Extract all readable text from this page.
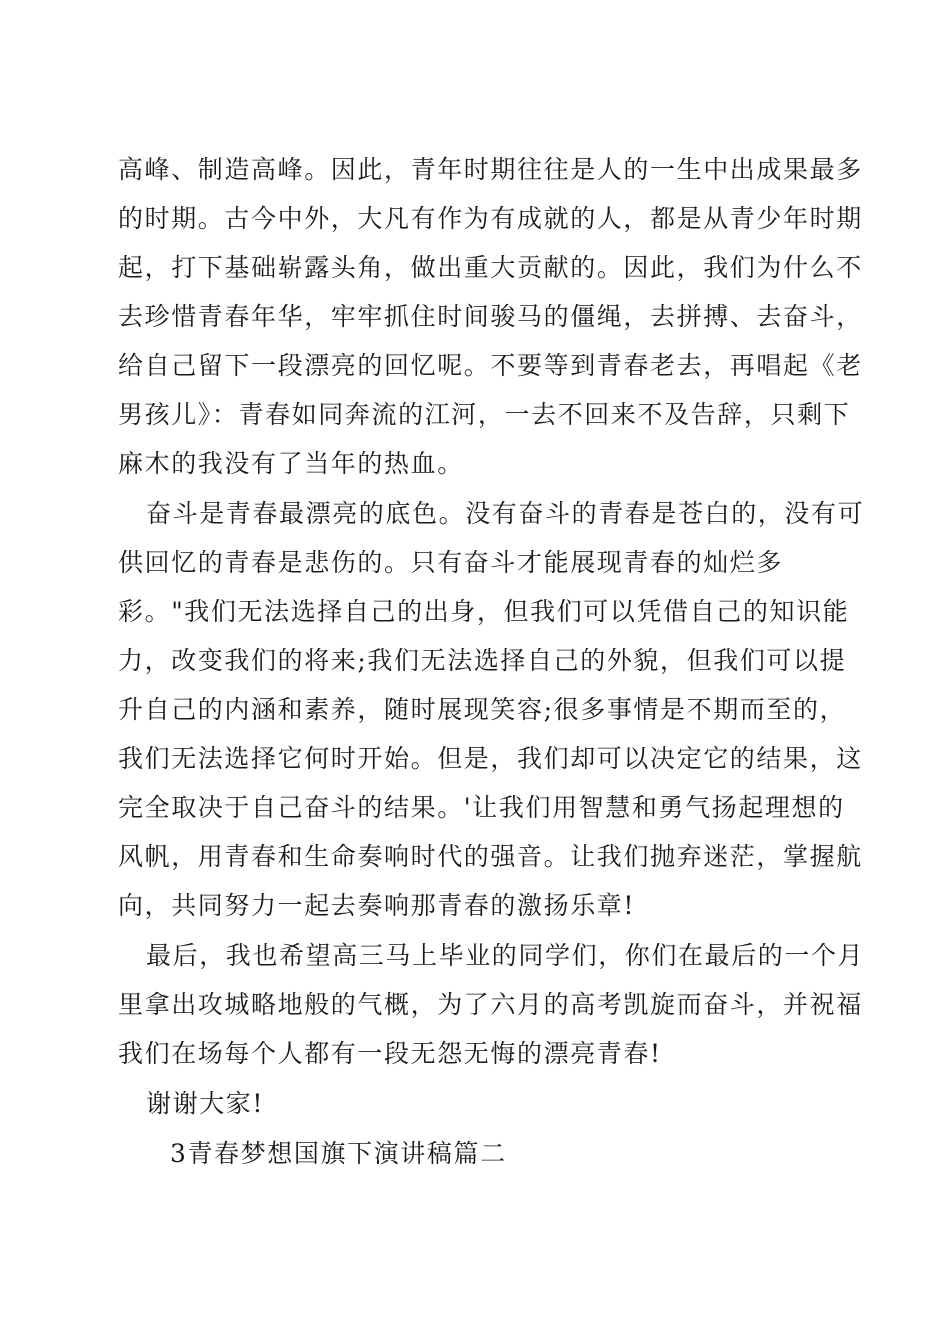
高峰、制造高峰。因此，青年时期往往是人的一生中出成果最多
的时期。古今中外，大凡有作为有成就的人，都是从青少年时期
起，打下基础崭露头角，做出重大贡献的。因此，我们为什么不
去珍惜青春年华，牢牢抓住时间骏马的僵绳，去拼搏、去奋斗，
给自己留下一段漂亮的回忆呢。不要等到青春老去，再唱起《老
男孩儿》：青春如同奔流的江河，一去不回来不及告辞，只剩下
麻木的我没有了当年的热血。
奋斗是青春最漂亮的底色。没有奋斗的青春是苍白的，没有可
供回忆的青春是悲伤的。只有奋斗才能展现青春的灿烂多
彩。"我们无法选择自己的出身，但我们可以凭借自己的知识能
力，改变我们的将来;我们无法选择自己的外貌，但我们可以提
升自己的内涵和素养，随时展现笑容;很多事情是不期而至的，
我们无法选择它何时开始。但是，我们却可以决定它的结果，这
完全取决于自己奋斗的结果。'让我们用智慧和勇气扬起理想的
风帆，用青春和生命奏响时代的强音。让我们抛弃迷茫，掌握航
向，共同努力一起去奏响那青春的激扬乐章!
最后，我也希望高三马上毕业的同学们，你们在最后的一个月
里拿出攻城略地般的气概，为了六月的高考凯旋而奋斗，并祝福
我们在场每个人都有一段无怨无悔的漂亮青春!
谢谢大家!
3青春梦想国旗下演讲稿篇二
